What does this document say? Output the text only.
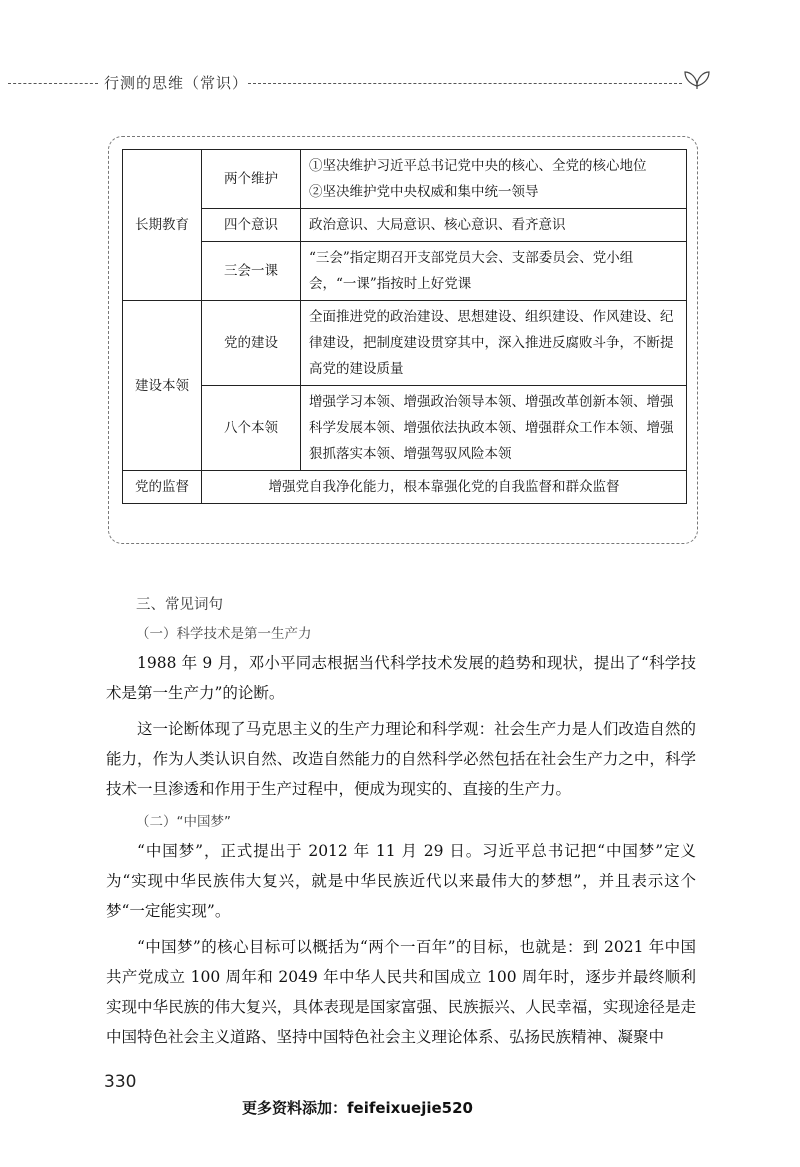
行测的思维（常识）
长期教育	两个维护	①坚决维护习近平总书记党中央的核心、全党的核心地位
②坚决维护党中央权威和集中统一领导

	四个意识	政治意识、大局意识、核心意识、看齐意识
	三会一课	“三会”指定期召开支部党员大会、支部委员会、党小组会，“一课”指按时上好党课
建设本领	党的建设	全面推进党的政治建设、思想建设、组织建设、作风建设、纪律建设，把制度建设贯穿其中，深入推进反腐败斗争，不断提高党的建设质量
	八个本领	增强学习本领、增强政治领导本领、增强改革创新本领、增强科学发展本领、增强依法执政本领、增强群众工作本领、增强狠抓落实本领、增强驾驭风险本领
党的监督	增强党自我净化能力，根本靠强化党的自我监督和群众监督	
三、常见词句
（一）科学技术是第一生产力

1988 年 9 月，邓小平同志根据当代科学技术发展的趋势和现状，提出了“科学技术是第一生产力”的论断。

这一论断体现了马克思主义的生产力理论和科学观：社会生产力是人们改造自然的能力，作为人类认识自然、改造自然能力的自然科学必然包括在社会生产力之中，科学技术一旦渗透和作用于生产过程中，便成为现实的、直接的生产力。

（二）“中国梦”

“中国梦”，正式提出于 2012 年 11 月 29 日。习近平总书记把“中国梦”定义为“实现中华民族伟大复兴，就是中华民族近代以来最伟大的梦想”，并且表示这个梦“一定能实现”。

“中国梦”的核心目标可以概括为“两个一百年”的目标，也就是：到 2021 年中国共产党成立 100 周年和 2049 年中华人民共和国成立 100 周年时，逐步并最终顺利实现中华民族的伟大复兴，具体表现是国家富强、民族振兴、人民幸福，实现途径是走中国特色社会主义道路、坚持中国特色社会主义理论体系、弘扬民族精神、凝聚中

330
更多资料添加：feifeixuejie520
